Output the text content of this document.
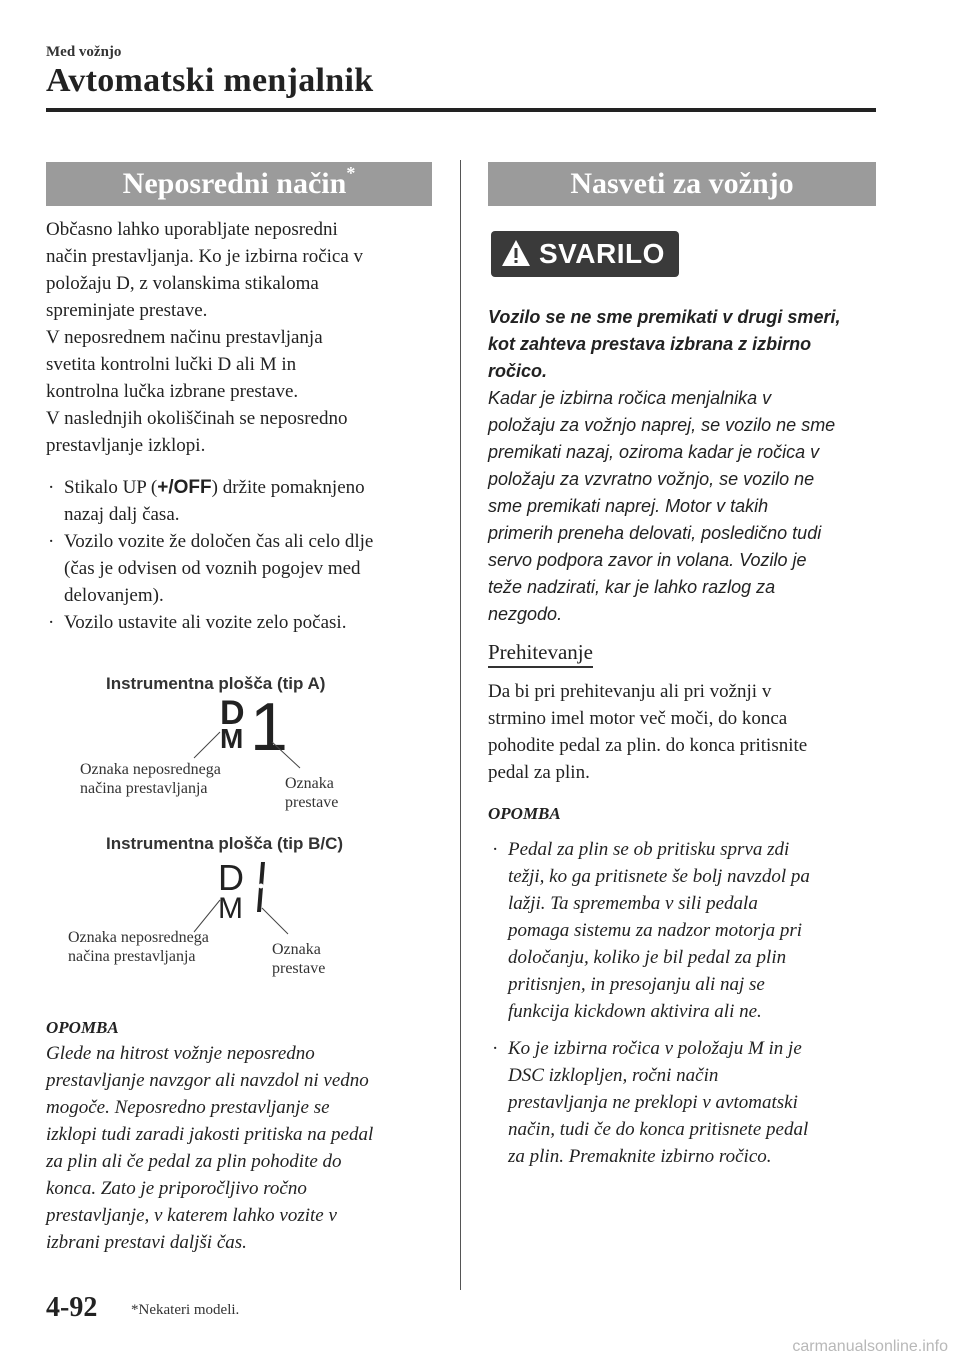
Med vožnjo
Avtomatski menjalnik
Neposredni način*

Občasno lahko uporabljate neposredni

način prestavljanja. Ko je izbirna ročica v

položaju D, z volanskima stikaloma

spreminjate prestave.

V neposrednem načinu prestavljanja

svetita kontrolni lučki D ali M in

kontrolna lučka izbrane prestave.

V naslednjih okoliščinah se neposredno

prestavljanje izklopi.

· Stikalo UP (+/OFF) držite pomaknjeno

nazaj dalj časa.

· Vozilo vozite že določen čas ali celo dlje

(čas je odvisen od voznih pogojev med

delovanjem).

· Vozilo ustavite ali vozite zelo počasi.

Instrumentna plošča (tip A)
D
M 1
Oznaka neposrednega
načina prestavljanja	Oznaka
prestave
Instrumentna plošča (tip B/C)
D
M
Oznaka neposrednega
načina prestavljanja	Oznaka
prestave
OPOMBA

Glede na hitrost vožnje neposredno

prestavljanje navzgor ali navzdol ni vedno

mogoče. Neposredno prestavljanje se

izklopi tudi zaradi jakosti pritiska na pedal

za plin ali če pedal za plin pohodite do

konca. Zato je priporočljivo ročno

prestavljanje, v katerem lahko vozite v

izbrani prestavi daljši čas.

Nasveti za vožnjo
SVARILO

Vozilo se ne sme premikati v drugi smeri,

kot zahteva prestava izbrana z izbirno

ročico.

Kadar je izbirna ročica menjalnika v

položaju za vožnjo naprej, se vozilo ne sme

premikati nazaj, oziroma kadar je ročica v

položaju za vzvratno vožnjo, se vozilo ne

sme premikati naprej. Motor v takih

primerih preneha delovati, posledično tudi

servo podpora zavor in volana. Vozilo je

teže nadzirati, kar je lahko razlog za

nezgodo.

Prehitevanje

Da bi pri prehitevanju ali pri vožnji v

strmino imel motor več moči, do konca

pohodite pedal za plin. do konca pritisnite

pedal za plin.

OPOMBA
· Pedal za plin se ob pritisku sprva zdi

težji, ko ga pritisnete še bolj navzdol pa

lažji. Ta sprememba v sili pedala

pomaga sistemu za nadzor motorja pri

določanju, koliko je bil pedal za plin

pritisnjen, in presojanju ali naj se

funkcija kickdown aktivira ali ne.

· Ko je izbirna ročica v položaju M in je

DSC izklopljen, ročni način

prestavljanja ne preklopi v avtomatski

način, tudi če do konca pritisnete pedal

za plin. Premaknite izbirno ročico.

4-92 *Nekateri modeli.
carmanualsonline.info
